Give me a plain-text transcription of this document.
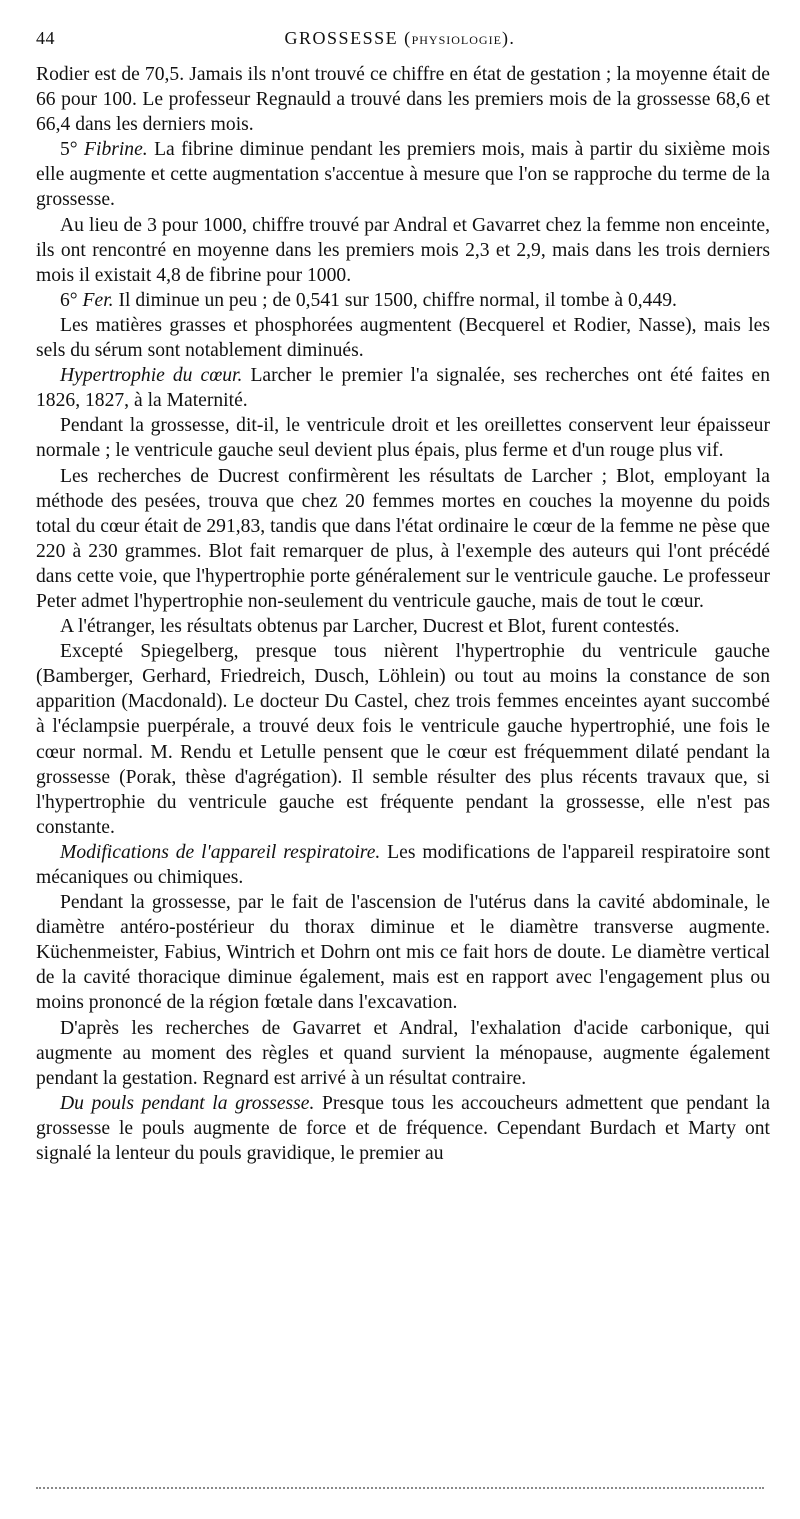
44	GROSSESSE (PHYSIOLOGIE).

Rodier est de 70,5. Jamais ils n'ont trouvé ce chiffre en état de gestation ; la moyenne était de 66 pour 100. Le professeur Regnauld a trouvé dans les premiers mois de la grossesse 68,6 et 66,4 dans les derniers mois.

5° Fibrine. La fibrine diminue pendant les premiers mois, mais à partir du sixième mois elle augmente et cette augmentation s'accentue à mesure que l'on se rapproche du terme de la grossesse.

Au lieu de 3 pour 1000, chiffre trouvé par Andral et Gavarret chez la femme non enceinte, ils ont rencontré en moyenne dans les premiers mois 2,3 et 2,9, mais dans les trois derniers mois il existait 4,8 de fibrine pour 1000.

6° Fer. Il diminue un peu ; de 0,541 sur 1500, chiffre normal, il tombe à 0,449.

Les matières grasses et phosphorées augmentent (Becquerel et Rodier, Nasse), mais les sels du sérum sont notablement diminués.

Hypertrophie du cœur. Larcher le premier l'a signalée, ses recherches ont été faites en 1826, 1827, à la Maternité.

Pendant la grossesse, dit-il, le ventricule droit et les oreillettes conservent leur épaisseur normale ; le ventricule gauche seul devient plus épais, plus ferme et d'un rouge plus vif.

Les recherches de Ducrest confirmèrent les résultats de Larcher ; Blot, employant la méthode des pesées, trouva que chez 20 femmes mortes en couches la moyenne du poids total du cœur était de 291,83, tandis que dans l'état ordinaire le cœur de la femme ne pèse que 220 à 230 grammes. Blot fait remarquer de plus, à l'exemple des auteurs qui l'ont précédé dans cette voie, que l'hypertrophie porte généralement sur le ventricule gauche. Le professeur Peter admet l'hypertrophie non-seulement du ventricule gauche, mais de tout le cœur.

A l'étranger, les résultats obtenus par Larcher, Ducrest et Blot, furent contestés.

Excepté Spiegelberg, presque tous nièrent l'hypertrophie du ventricule gauche (Bamberger, Gerhard, Friedreich, Dusch, Löhlein) ou tout au moins la constance de son apparition (Macdonald). Le docteur Du Castel, chez trois femmes enceintes ayant succombé à l'éclampsie puerpérale, a trouvé deux fois le ventricule gauche hypertrophié, une fois le cœur normal. M. Rendu et Letulle pensent que le cœur est fréquemment dilaté pendant la grossesse (Porak, thèse d'agrégation). Il semble résulter des plus récents travaux que, si l'hypertrophie du ventricule gauche est fréquente pendant la grossesse, elle n'est pas constante.

Modifications de l'appareil respiratoire. Les modifications de l'appareil respiratoire sont mécaniques ou chimiques.

Pendant la grossesse, par le fait de l'ascension de l'utérus dans la cavité abdominale, le diamètre antéro-postérieur du thorax diminue et le diamètre transverse augmente. Küchenmeister, Fabius, Wintrich et Dohrn ont mis ce fait hors de doute. Le diamètre vertical de la cavité thoracique diminue également, mais est en rapport avec l'engagement plus ou moins prononcé de la région fœtale dans l'excavation.

D'après les recherches de Gavarret et Andral, l'exhalation d'acide carbonique, qui augmente au moment des règles et quand survient la ménopause, augmente également pendant la gestation. Regnard est arrivé à un résultat contraire.

Du pouls pendant la grossesse. Presque tous les accoucheurs admettent que pendant la grossesse le pouls augmente de force et de fréquence. Cependant Burdach et Marty ont signalé la lenteur du pouls gravidique, le premier au
